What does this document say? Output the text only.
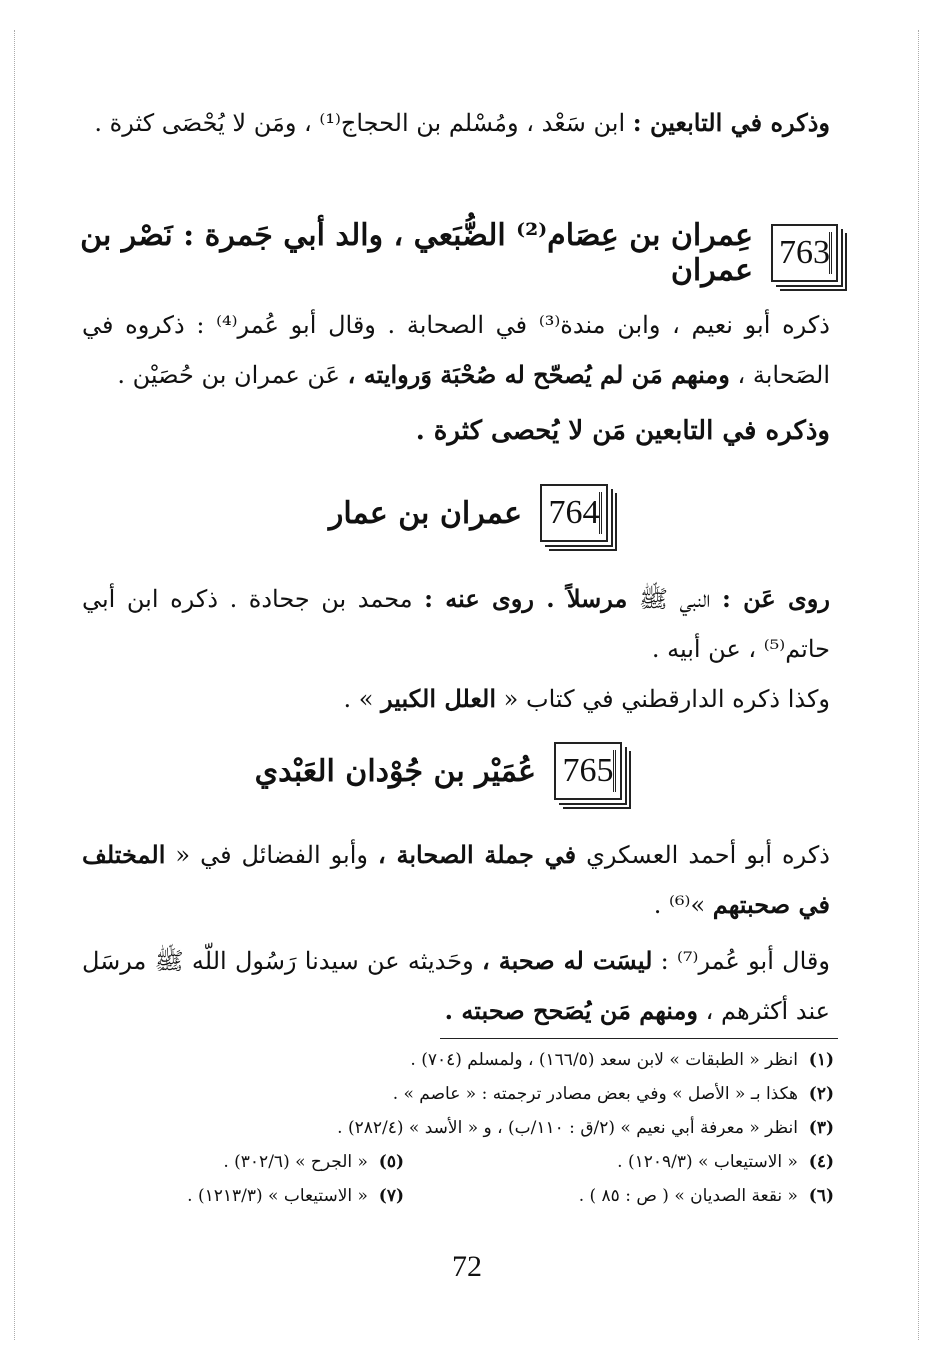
وذكره في التابعين : ابن سَعْد ، ومُسْلم بن الحجاج⁽¹⁾ ، ومَن لا يُحْصَى كثرة .
763
عِمران بن عِصَام⁽²⁾ الضُّبَعي ، والد أبي جَمرة : نَصْر بن عمران
ذكره أبو نعيم ، وابن مندة⁽³⁾ في الصحابة . وقال أبو عُمر⁽⁴⁾ : ذكروه في الصَحابة ، ومنهم مَن لم يُصحّح له صُحْبَة وَروايته ، عَن عمران بن حُصَيْن .
وذكره في التابعين مَن لا يُحصى كثرة .
764
عمران بن عمار
روى عَن : النبي ﷺ مرسلاً . روى عنه : محمد بن جحادة . ذكره ابن أبي حاتم⁽⁵⁾ ، عن أبيه .
وكذا ذكره الدارقطني في كتاب « العلل الكبير » .
765
عُمَيْر بن جُوْدان العَبْدي
ذكره أبو أحمد العسكري في جملة الصحابة ، وأبو الفضائل في « المختلف في صحبتهم »⁽⁶⁾ .
وقال أبو عُمر⁽⁷⁾ : ليسَت له صحبة ، وحَديثه عن سيدنا رَسُول اللّه ﷺ مرسَل عند أكثرهم ، ومنهم مَن يُصَحح صحبته .
(١)  انظر « الطبقات » لابن سعد (١٦٦/٥) ، ولمسلم (٧٠٤) .
(٢)  هكذا بـ « الأصل » وفي بعض مصادر ترجمته : « عاصم » .
(٣)  انظر « معرفة أبي نعيم » (٢/ق : ١١٠/ب) ، و « الأسد » (٢٨٢/٤) .
(٤)  « الاستيعاب » (١٢٠٩/٣) .
(٥)  « الجرح » (٣٠٢/٦) .
(٦)  « نقعة الصديان » ( ص : ٨٥ ) .
(٧)  « الاستيعاب » (١٢١٣/٣) .
72
